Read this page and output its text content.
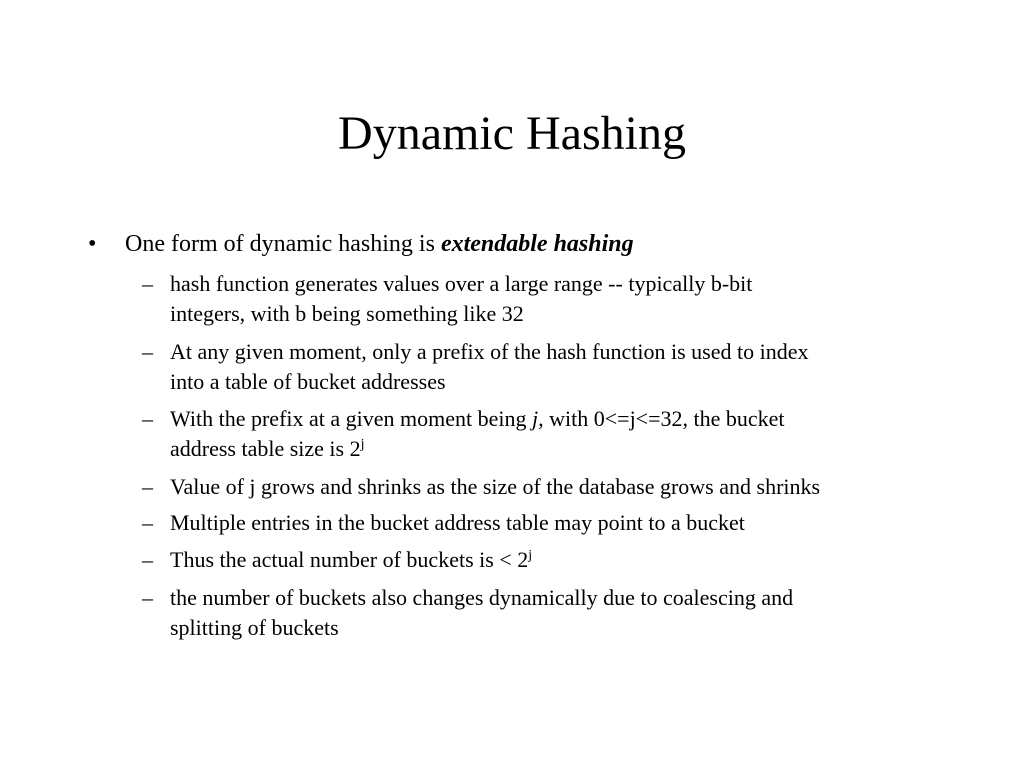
Dynamic Hashing
• One form of dynamic hashing is extendable hashing
– hash function generates values over a large range -- typically b-bit
integers, with b being something like 32
– At any given moment, only a prefix of the hash function is used to index
into a table of bucket addresses
– With the prefix at a given moment being j, with 0<=j<=32, the bucket
address table size is 2$^j$
– Value of j grows and shrinks as the size of the database grows and shrinks
– Multiple entries in the bucket address table may point to a bucket
– Thus the actual number of buckets is < $2^j$
– the number of buckets also changes dynamically due to coalescing and
splitting of buckets
